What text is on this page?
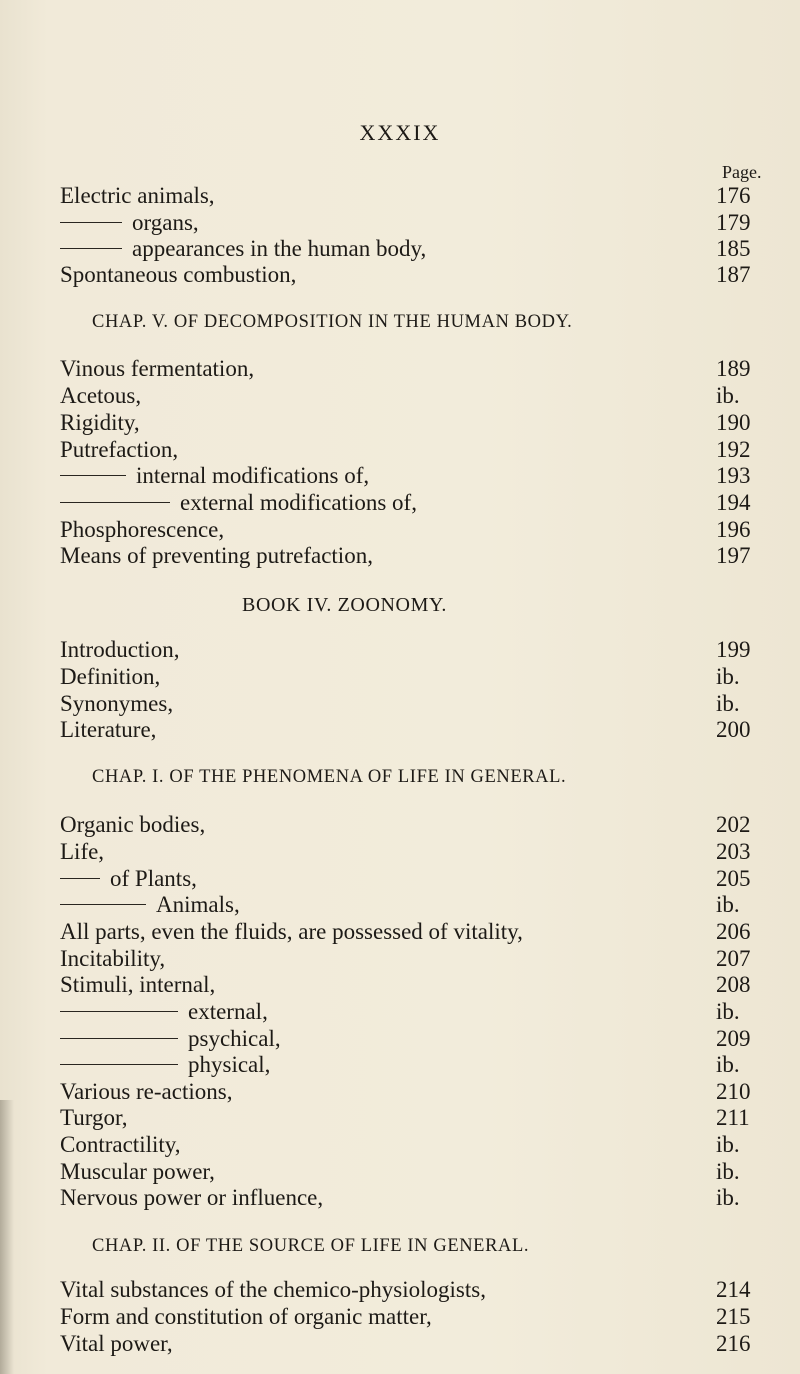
XXXIX
Page.
Electric animals,	176
organs,	179
appearances in the human body,	185
Spontaneous combustion,	187
CHAP. V. OF DECOMPOSITION IN THE HUMAN BODY.
Vinous fermentation,	189
Acetous,	ib.
Rigidity,	190
Putrefaction,	192
internal modifications of,	193
external modifications of,	194
Phosphorescence,	196
Means of preventing putrefaction,	197
BOOK IV. ZOONOMY.
Introduction,	199
Definition,	ib.
Synonymes,	ib.
Literature,	200
CHAP. I. OF THE PHENOMENA OF LIFE IN GENERAL.
Organic bodies,	202
Life,	203
of Plants,	205
Animals,	ib.
All parts, even the fluids, are possessed of vitality,	206
Incitability,	207
Stimuli, internal,	208
external,	ib.
psychical,	209
physical,	ib.
Various re-actions,	210
Turgor,	211
Contractility,	ib.
Muscular power,	ib.
Nervous power or influence,	ib.
CHAP. II. OF THE SOURCE OF LIFE IN GENERAL.
Vital substances of the chemico-physiologists,	214
Form and constitution of organic matter,	215
Vital power,	216
